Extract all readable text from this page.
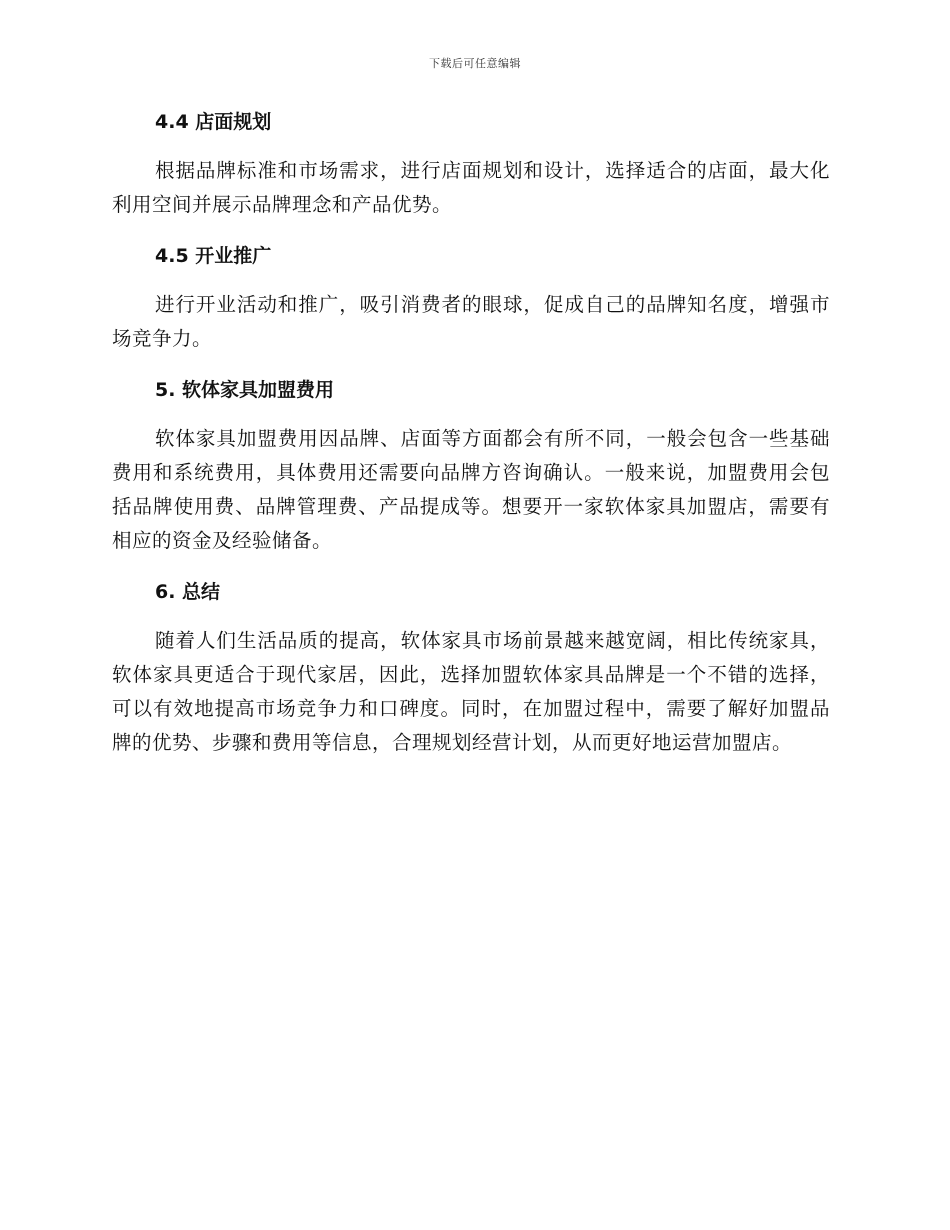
下载后可任意编辑
4.4 店面规划

根据品牌标准和市场需求，进行店面规划和设计，选择适合的店面，最大化利用空间并展示品牌理念和产品优势。

4.5 开业推广

进行开业活动和推广，吸引消费者的眼球，促成自己的品牌知名度，增强市场竞争力。

5. 软体家具加盟费用

软体家具加盟费用因品牌、店面等方面都会有所不同，一般会包含一些基础费用和系统费用，具体费用还需要向品牌方咨询确认。一般来说，加盟费用会包括品牌使用费、品牌管理费、产品提成等。想要开一家软体家具加盟店，需要有相应的资金及经验储备。

6. 总结

随着人们生活品质的提高，软体家具市场前景越来越宽阔，相比传统家具，软体家具更适合于现代家居，因此，选择加盟软体家具品牌是一个不错的选择，可以有效地提高市场竞争力和口碑度。同时，在加盟过程中，需要了解好加盟品牌的优势、步骤和费用等信息，合理规划经营计划，从而更好地运营加盟店。
